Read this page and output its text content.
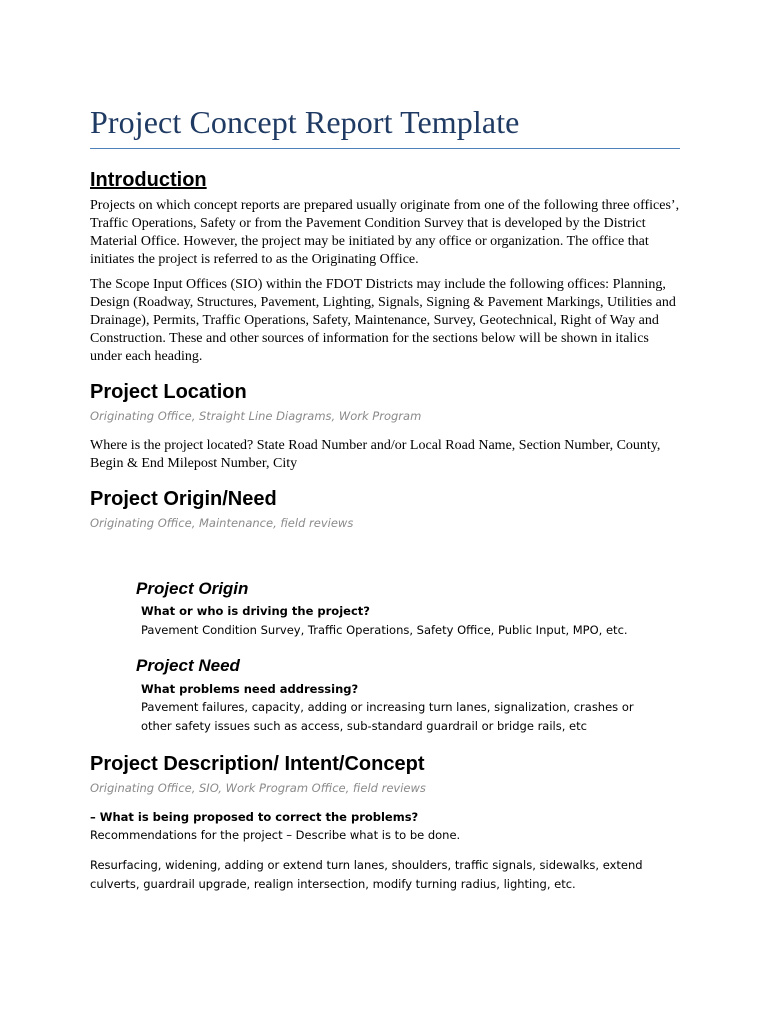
Project Concept Report Template
Introduction

Projects on which concept reports are prepared usually originate from one of the following three offices’, Traffic Operations, Safety or from the Pavement Condition Survey that is developed by the District Material Office. However, the project may be initiated by any office or organization. The office that initiates the project is referred to as the Originating Office.

The Scope Input Offices (SIO) within the FDOT Districts may include the following offices: Planning, Design (Roadway, Structures, Pavement, Lighting, Signals, Signing & Pavement Markings, Utilities and Drainage), Permits, Traffic Operations, Safety, Maintenance, Survey, Geotechnical, Right of Way and Construction. These and other sources of information for the sections below will be shown in italics under each heading.

Project Location

Originating Office, Straight Line Diagrams, Work Program

Where is the project located? State Road Number and/or Local Road Name, Section Number, County, Begin & End Milepost Number, City

Project Origin/Need

Originating Office, Maintenance, field reviews

Project Origin

What or who is driving the project?

Pavement Condition Survey, Traffic Operations, Safety Office, Public Input, MPO, etc.

Project Need

What problems need addressing?

Pavement failures, capacity, adding or increasing turn lanes, signalization, crashes or other safety issues such as access, sub-standard guardrail or bridge rails, etc

Project Description/ Intent/Concept

Originating Office, SIO, Work Program Office, field reviews

– What is being proposed to correct the problems?

Recommendations for the project – Describe what is to be done.

Resurfacing, widening, adding or extend turn lanes, shoulders, traffic signals, sidewalks, extend culverts, guardrail upgrade, realign intersection, modify turning radius, lighting, etc.
